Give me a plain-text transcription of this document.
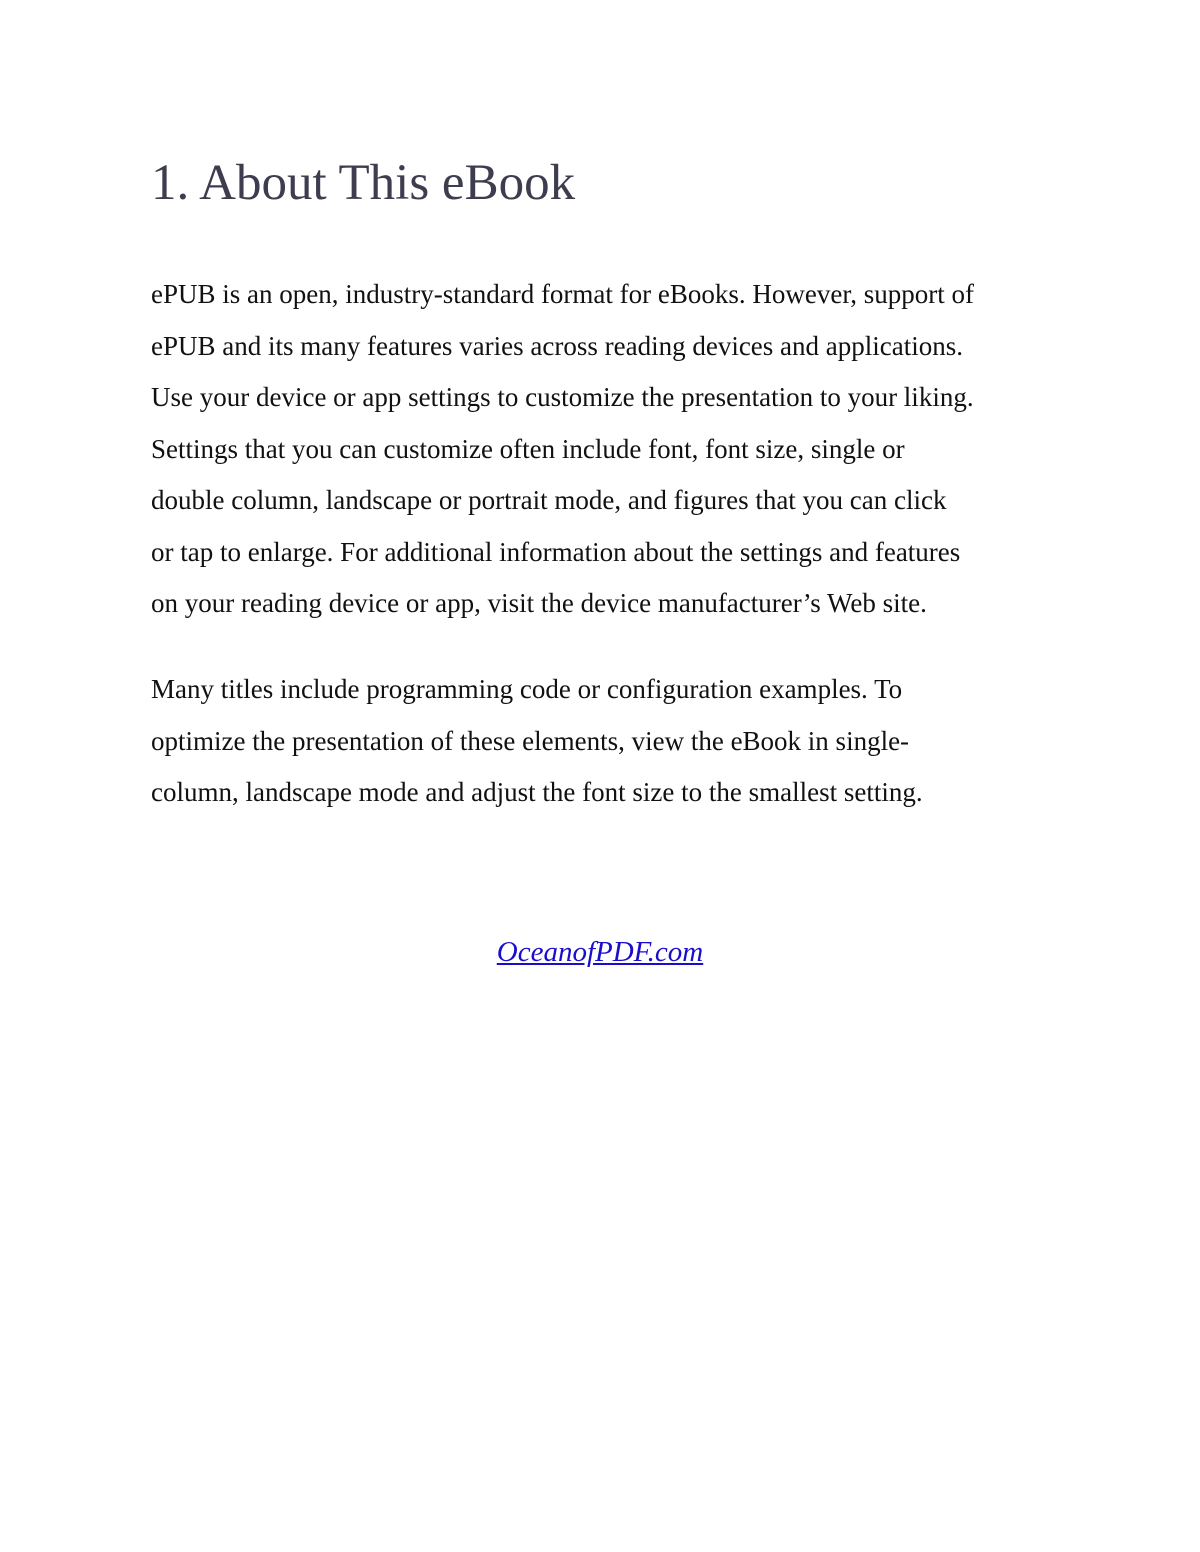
1. About This eBook

ePUB is an open, industry-standard format for eBooks. However, support of
ePUB and its many features varies across reading devices and applications.
Use your device or app settings to customize the presentation to your liking.
Settings that you can customize often include font, font size, single or
double column, landscape or portrait mode, and figures that you can click
or tap to enlarge. For additional information about the settings and features
on your reading device or app, visit the device manufacturer’s Web site.

Many titles include programming code or configuration examples. To
optimize the presentation of these elements, view the eBook in single-
column, landscape mode and adjust the font size to the smallest setting.

OceanofPDF.com
